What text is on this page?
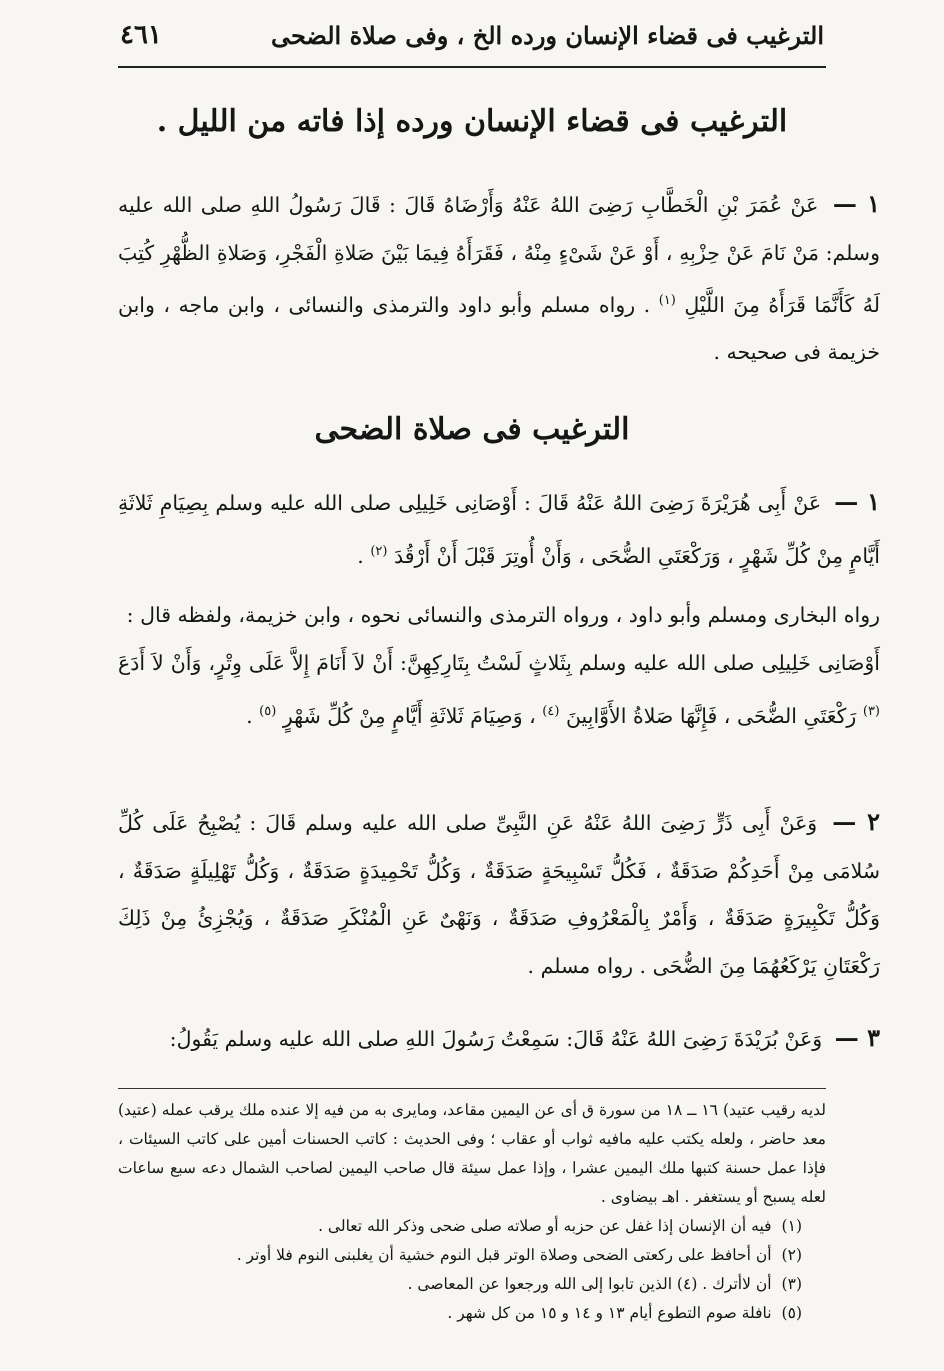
الترغيب فى قضاء الإنسان ورده الخ ، وفى صلاة الضحى
٤٦١
الترغيب فى قضاء الإنسان ورده إذا فاته من الليل .
١ — عَنْ عُمَرَ بْنِ الْخَطَّابِ رَضِىَ اللهُ عَنْهُ وَأَرْضَاهُ قَالَ : قَالَ رَسُولُ اللهِ صلى الله عليه وسلم: مَنْ نَامَ عَنْ حِزْبِهِ ، أَوْ عَنْ شَىْءٍ مِنْهُ ، فَقَرَأَهُ فِيمَا بَيْنَ صَلاةِ الْفَجْرِ، وَصَلاةِ الظُّهْرِ كُتِبَ لَهُ كَأَنَّمَا قَرَأَهُ مِنَ اللَّيْلِ $^{(١)}$ . رواه مسلم وأبو داود والترمذى والنسائى ، وابن ماجه ، وابن خزيمة فى صحيحه .
الترغيب فى صلاة الضحى
١ — عَنْ أَبِى هُرَيْرَةَ رَضِىَ اللهُ عَنْهُ قَالَ : أَوْصَانِى خَلِيلِى صلى الله عليه وسلم بِصِيَامِ ثَلاثَةِ أَيَّامٍ مِنْ كُلِّ شَهْرٍ ، وَرَكْعَتَىِ الضُّحَى ، وَأَنْ أُوتِرَ قَبْلَ أَنْ أَرْقُدَ $^{(٢)}$ .
رواه البخارى ومسلم وأبو داود ، ورواه الترمذى والنسائى نحوه ، وابن خزيمة، ولفظه قال :
أَوْصَانِى خَلِيلِى صلى الله عليه وسلم بِثَلاثٍ لَسْتُ بِتَارِكِهِنَّ: أَنْ لاَ أَنَامَ إِلاَّ عَلَى وِتْرٍ، وَأَنْ لاَ أَدَعَ $^{(٣)}$ رَكْعَتَىِ الضُّحَى ، فَإِنَّهَا صَلاةُ الأَوَّابِينَ $^{(٤)}$ ، وَصِيَامَ ثَلاثَةِ أَيَّامٍ مِنْ كُلِّ شَهْرٍ $^{(٥)}$ .
٢ — وَعَنْ أَبِى ذَرٍّ رَضِىَ اللهُ عَنْهُ عَنِ النَّبِىِّ صلى الله عليه وسلم قَالَ : يُصْبِحُ عَلَى كُلِّ سُلامَى مِنْ أَحَدِكُمْ صَدَقَةٌ ، فَكُلُّ تَسْبِيحَةٍ صَدَقَةٌ ، وَكُلُّ تَحْمِيدَةٍ صَدَقَةٌ ، وَكُلُّ تَهْلِيلَةٍ صَدَقَةٌ ، وَكُلُّ تَكْبِيرَةٍ صَدَقَةٌ ، وَأَمْرٌ بِالْمَعْرُوفِ صَدَقَةٌ ، وَنَهْىٌ عَنِ الْمُنْكَرِ صَدَقَةٌ ، وَيُجْزِئُ مِنْ ذَلِكَ رَكْعَتَانِ يَرْكَعُهُمَا مِنَ الضُّحَى . رواه مسلم .
٣ — وَعَنْ بُرَيْدَةَ رَضِىَ اللهُ عَنْهُ قَالَ: سَمِعْتُ رَسُولَ اللهِ صلى الله عليه وسلم يَقُولُ:

لديه رقيب عتيد) ١٦ ــ ١٨ من سورة ق أى عن اليمين مقاعد، ومايرى به من فيه إلا عنده ملك يرقب عمله (عتيد) معد حاضر ، ولعله يكتب عليه مافيه ثواب أو عقاب ؛ وفى الحديث : كاتب الحسنات أمين على كاتب السيئات ، فإذا عمل حسنة كتبها ملك اليمين عشرا ، وإذا عمل سيئة قال صاحب اليمين لصاحب الشمال دعه سبع ساعات لعله يسبح أو يستغفر . اهـ بيضاوى .

(١)
فيه أن الإنسان إذا غفل عن حزبه أو صلاته صلى ضحى وذكر الله تعالى .
(٢)
أن أحافظ على ركعتى الضحى وصلاة الوتر قبل النوم خشية أن يغلبنى النوم فلا أوتر .
(٣)
أن لاأترك . (٤) الذين تابوا إلى الله ورجعوا عن المعاصى .
(٥)
نافلة صوم التطوع أيام ١٣ و ١٤ و ١٥ من كل شهر .
